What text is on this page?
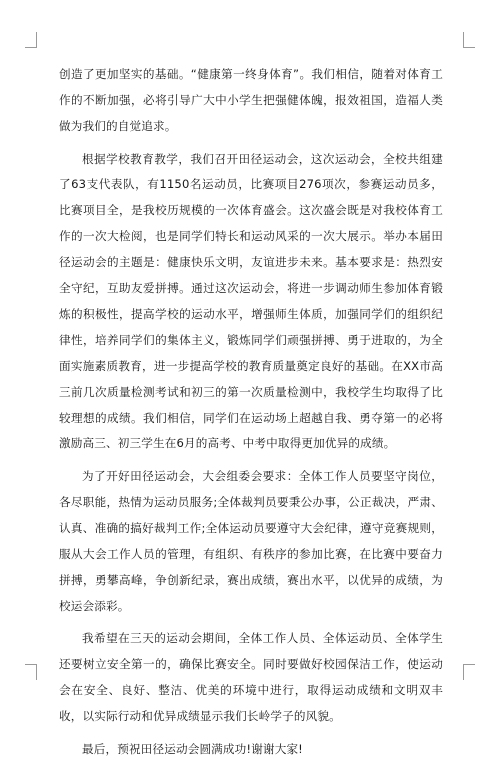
创造了更加坚实的基础。“健康第一终身体育”。我们相信，随着对体育工作的不断加强，必将引导广大中小学生把强健体魄，报效祖国，造福人类做为我们的自觉追求。

根据学校教育教学，我们召开田径运动会，这次运动会，全校共组建了63支代表队，有1150名运动员，比赛项目276项次，参赛运动员多，比赛项目全，是我校历规模的一次体育盛会。这次盛会既是对我校体育工作的一次大检阅，也是同学们特长和运动风采的一次大展示。举办本届田径运动会的主题是：健康快乐文明，友谊进步未来。基本要求是：热烈安全守纪，互助友爱拼搏。通过这次运动会，将进一步调动师生参加体育锻炼的积极性，提高学校的运动水平，增强师生体质，加强同学们的组织纪律性，培养同学们的集体主义，锻炼同学们顽强拼搏、勇于进取的，为全面实施素质教育，进一步提高学校的教育质量奠定良好的基础。在XX市高三前几次质量检测考试和初三的第一次质量检测中，我校学生均取得了比较理想的成绩。我们相信，同学们在运动场上超越自我、勇夺第一的必将激励高三、初三学生在6月的高考、中考中取得更加优异的成绩。

为了开好田径运动会，大会组委会要求：全体工作人员要坚守岗位，各尽职能，热情为运动员服务;全体裁判员要秉公办事，公正裁决，严肃、认真、准确的搞好裁判工作;全体运动员要遵守大会纪律，遵守竞赛规则，服从大会工作人员的管理，有组织、有秩序的参加比赛，在比赛中要奋力拼搏，勇攀高峰，争创新纪录，赛出成绩，赛出水平，以优异的成绩，为校运会添彩。

我希望在三天的运动会期间，全体工作人员、全体运动员、全体学生还要树立安全第一的，确保比赛安全。同时要做好校园保洁工作，使运动会在安全、良好、整洁、优美的环境中进行，取得运动成绩和文明双丰收，以实际行动和优异成绩显示我们长岭学子的风貌。

最后，预祝田径运动会圆满成功!谢谢大家!
